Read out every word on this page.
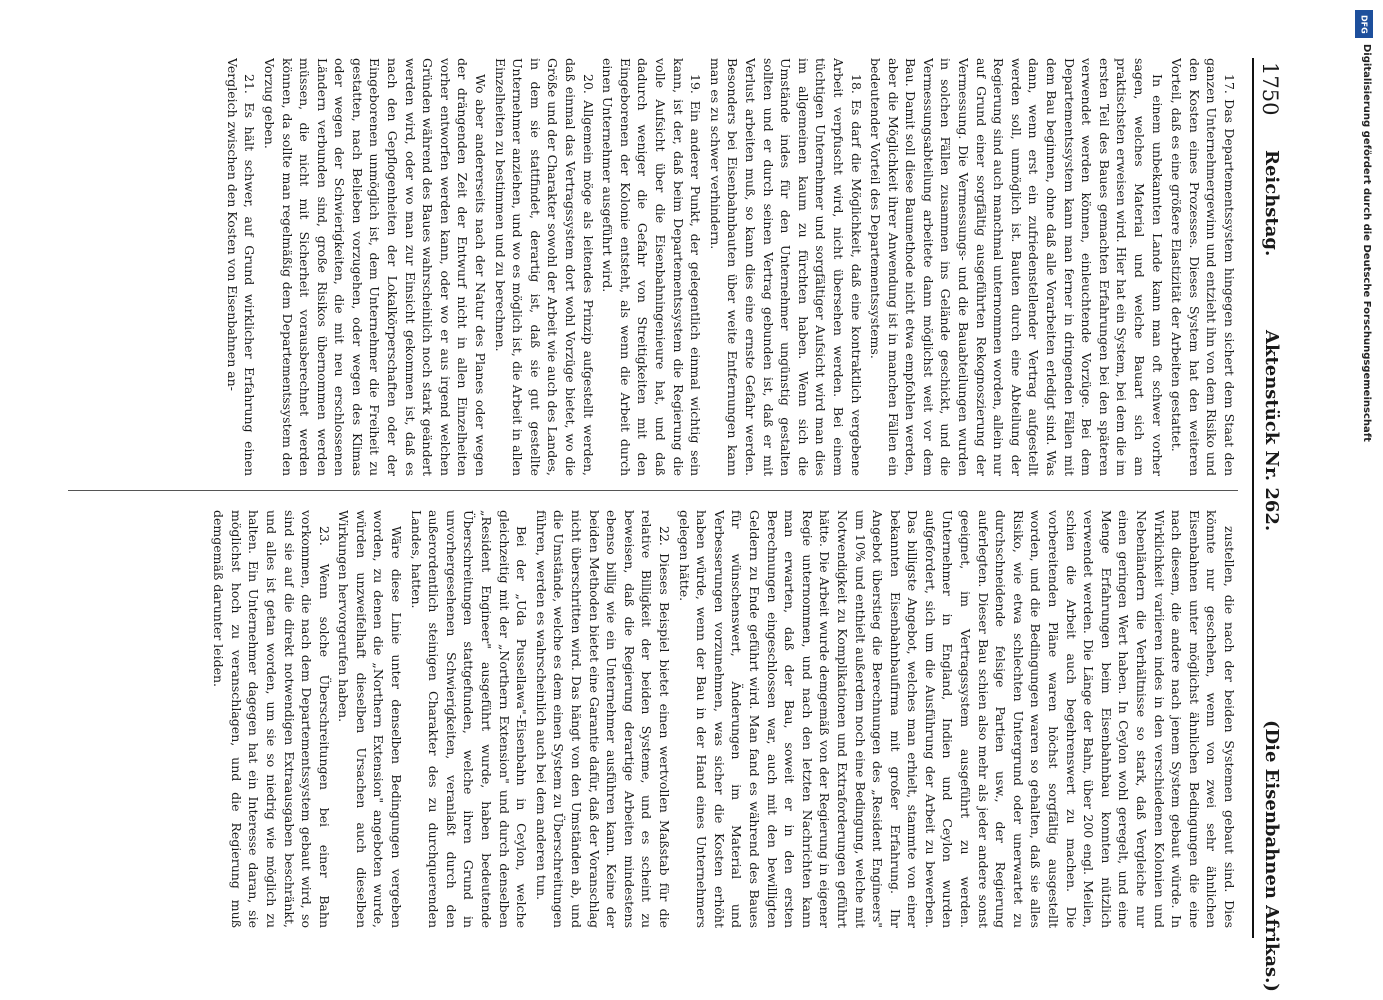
1750
Reichstag.
Aktenstück Nr. 262.
(Die Eisenbahnen Afrikas.)

17. Das Departementssystem hingegen sichert dem Staat den ganzen Unternehmergewinn und entzieht ihn von dem Risiko und den Kosten eines Prozesses. Dieses System hat den weiteren Vorteil, daß es eine größere Elastizität der Arbeiten gestattet.

In einem unbekannten Lande kann man oft schwer vorher sagen, welches Material und welche Bauart sich am praktischsten erweisen wird. Hier hat ein System, bei dem die im ersten Teil des Baues gemachten Erfahrungen bei den späteren verwendet werden können, einleuchtende Vorzüge. Bei dem Departementssystem kann man ferner in dringenden Fällen mit dem Bau beginnen, ohne daß alle Vorarbeiten erledigt sind. Was dann, wenn erst ein zufriedenstellender Vertrag aufgestellt werden soll, unmöglich ist. Bauten durch eine Abteilung der Regierung sind auch manchmal unternommen worden, allein nur auf Grund einer sorgfältig ausgeführten Rekognoszierung der Vermessung. Die Vermessungs- und die Bauabteilungen wurden in solchen Fällen zusammen ins Gelände geschickt, und die Vermessungsabteilung arbeitete dann möglichst weit vor dem Bau. Damit soll diese Baumethode nicht etwa empfohlen werden, aber die Möglichkeit ihrer Anwendung ist in manchen Fällen ein bedeutender Vorteil des Departementssystems.

18. Es darf die Möglichkeit, daß eine kontraktlich vergebene Arbeit verpfuscht wird, nicht übersehen werden. Bei einem tüchtigen Unternehmer und sorgfältiger Aufsicht wird man dies im allgemeinen kaum zu fürchten haben. Wenn sich die Umstände indes für den Unternehmer ungünstig gestalten sollten und er durch seinen Vertrag gebunden ist, daß er mit Verlust arbeiten muß, so kann dies eine ernste Gefahr werden. Besonders bei Eisenbahnbauten über weite Entfernungen kann man es zu schwer verhindern.

19. Ein anderer Punkt, der gelegentlich einmal wichtig sein kann, ist der, daß beim Departementssystem die Regierung die volle Aufsicht über die Eisenbahningenieure hat, und daß dadurch weniger die Gefahr von Streitigkeiten mit den Eingeborenen der Kolonie entsteht, als wenn die Arbeit durch einen Unternehmer ausgeführt wird.

20. Allgemein möge als leitendes Prinzip aufgestellt werden, daß einmal das Vertragssystem dort wohl Vorzüge bietet, wo die Größe und der Charakter sowohl der Arbeit wie auch des Landes, in dem sie stattfindet, derartig ist, daß sie gut gestellte Unternehmer anziehen, und wo es möglich ist, die Arbeit in allen Einzelheiten zu bestimmen und zu berechnen.

Wo aber andererseits nach der Natur des Planes oder wegen der drängenden Zeit der Entwurf nicht in allen Einzelheiten vorher entworfen werden kann, oder wo er aus irgend welchen Gründen während des Baues wahrscheinlich noch stark geändert werden wird, oder wo man zur Einsicht gekommen ist, daß es nach den Gepflogenheiten der Lokalkörperschaften oder der Eingeborenen unmöglich ist, dem Unternehmer die Freiheit zu gestatten, nach Belieben vorzugehen, oder wegen des Klimas oder wegen der Schwierigkeiten, die mit neu erschlossenen Ländern verbunden sind, große Risikos übernommen werden müssen, die nicht mit Sicherheit vorausberechnet werden können, da sollte man regelmäßig dem Departementssystem den Vorzug geben.

21. Es hält schwer, auf Grund wirklicher Erfahrung einen Vergleich zwischen den Kosten von Eisenbahnen an-

zustellen, die nach der beiden Systemen gebaut sind. Dies könnte nur geschehen, wenn von zwei sehr ähnlichen Eisenbahnen unter möglichst ähnlichen Bedingungen die eine nach diesem, die andere nach jenem System gebaut würde. In Wirklichkeit variieren indes in den verschiedenen Kolonien und Nebenländern die Verhältnisse so stark, daß Vergleiche nur einen geringen Wert haben. In Ceylon wohl geregelt, und eine Menge Erfahrungen beim Eisenbahnbau konnten nützlich verwendet werden. Die Länge der Bahn, über 200 engl. Meilen, schien die Arbeit auch begehrenswert zu machen. Die vorbereitenden Pläne waren höchst sorgfältig ausgestellt worden, und die Bedingungen waren so gehalten, daß sie alles Risiko, wie etwa schlechten Untergrund oder unerwartet zu durchschneidende felsige Partien usw., der Regierung auferlegten. Dieser Bau schien also mehr als jeder andere sonst geeignet, im Vertragssystem ausgeführt zu werden. Unternehmer in England, Indien und Ceylon wurden aufgefordert, sich um die Ausführung der Arbeit zu bewerben. Das billigste Angebot, welches man erhielt, stammte von einer bekannten Eisenbahnbaufirma mit großer Erfahrung. Ihr Angebot überstieg die Berechnungen des „Resident Engineers" um 10% und enthielt außerdem noch eine Bedingung, welche mit Notwendigkeit zu Komplikationen und Extraforderungen geführt hätte. Die Arbeit wurde demgemäß von der Regierung in eigener Regie unternommen, und nach den letzten Nachrichten kann man erwarten, daß der Bau, soweit er in den ersten Berechnungen eingeschlossen war, auch mit den bewilligten Geldern zu Ende geführt wird. Man fand es während des Baues für wünschenswert, Änderungen im Material und Verbesserungen vorzunehmen, was sicher die Kosten erhöht haben würde, wenn der Bau in der Hand eines Unternehmers gelegen hätte.

22. Dieses Beispiel bietet einen wertvollen Maßstab für die relative Billigkeit der beiden Systeme, und es scheint zu beweisen, daß die Regierung derartige Arbeiten mindestens ebenso billig wie ein Unternehmer ausführen kann. Keine der beiden Methoden bietet eine Garantie dafür, daß der Voranschlag nicht überschritten wird. Das hängt von den Umständen ab, und die Umstände, welche es dem einen System zu Überschreitungen führen, werden es wahrscheinlich auch bei dem anderen tun.

Bei der „Uda Pussellawa"-Eisenbahn in Ceylon, welche gleichzeitig mit der „Northern Extension" und durch denselben „Resident Engineer" ausgeführt wurde, haben bedeutende Überschreitungen stattgefunden, welche ihren Grund in unvorhergesehenen Schwierigkeiten, veranlaßt durch den außerordentlich steinigen Charakter des zu durchquerenden Landes, hatten.

Wäre diese Linie unter denselben Bedingungen vergeben worden, zu denen die „Northern Extension" angeboten wurde, würden unzweifelhaft dieselben Ursachen auch dieselben Wirkungen hervorgerufen haben.

23. Wenn solche Überschreitungen bei einer Bahn vorkommen, die nach dem Departementssystem gebaut wird, so sind sie auf die direkt notwendigen Extraausgaben beschränkt, und alles ist getan worden, um sie so niedrig wie möglich zu halten. Ein Unternehmer dagegen hat ein Interesse daran, sie möglichst hoch zu veranschlagen, und die Regierung muß demgemäß darunter leiden.

DFG
Digitalisierung gefördert durch die Deutsche Forschungsgemeinschaft
